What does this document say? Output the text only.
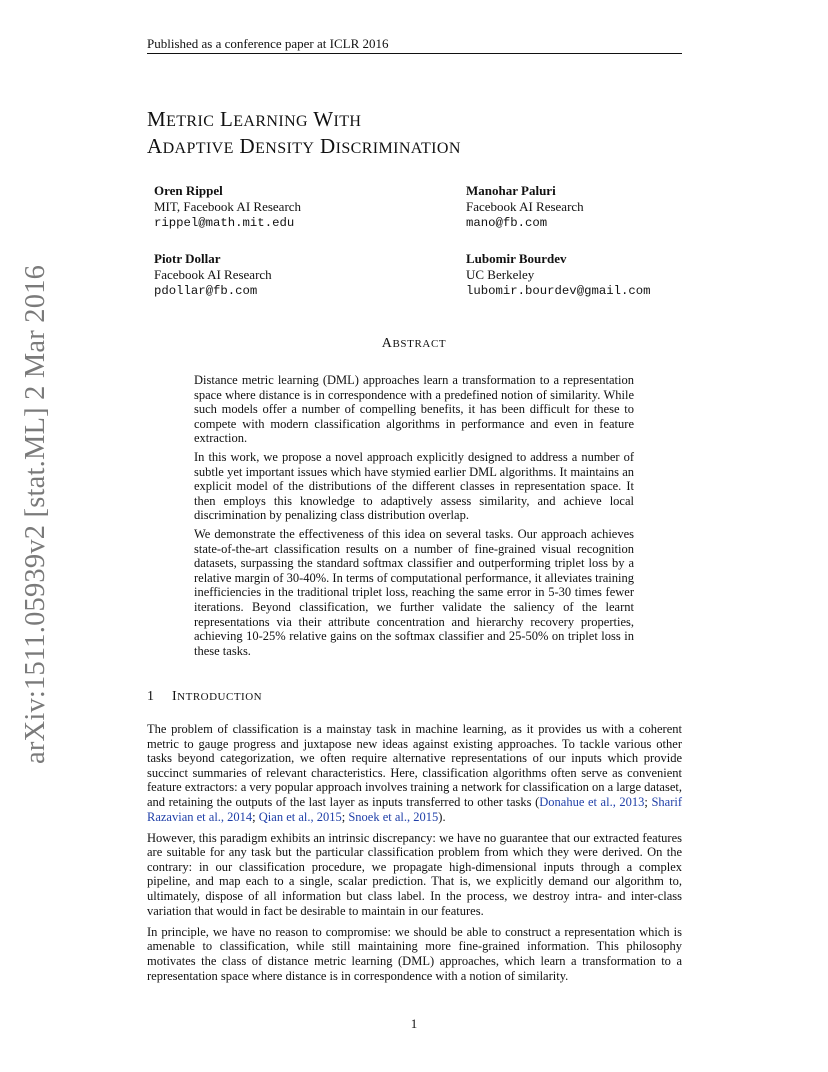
Published as a conference paper at ICLR 2016
arXiv:1511.05939v2 [stat.ML] 2 Mar 2016
METRIC LEARNING WITH
ADAPTIVE DENSITY DISCRIMINATION
Oren Rippel
MIT, Facebook AI Research
rippel@math.mit.edu
Manohar Paluri
Facebook AI Research
mano@fb.com
Piotr Dollar
Facebook AI Research
pdollar@fb.com
Lubomir Bourdev
UC Berkeley
lubomir.bourdev@gmail.com
ABSTRACT

Distance metric learning (DML) approaches learn a transformation to a representation space where distance is in correspondence with a predefined notion of similarity. While such models offer a number of compelling benefits, it has been difficult for these to compete with modern classification algorithms in performance and even in feature extraction.

In this work, we propose a novel approach explicitly designed to address a number of subtle yet important issues which have stymied earlier DML algorithms. It maintains an explicit model of the distributions of the different classes in representation space. It then employs this knowledge to adaptively assess similarity, and achieve local discrimination by penalizing class distribution overlap.

We demonstrate the effectiveness of this idea on several tasks. Our approach achieves state-of-the-art classification results on a number of fine-grained visual recognition datasets, surpassing the standard softmax classifier and outperforming triplet loss by a relative margin of 30-40%. In terms of computational performance, it alleviates training inefficiencies in the traditional triplet loss, reaching the same error in 5-30 times fewer iterations. Beyond classification, we further validate the saliency of the learnt representations via their attribute concentration and hierarchy recovery properties, achieving 10-25% relative gains on the softmax classifier and 25-50% on triplet loss in these tasks.

1 INTRODUCTION

The problem of classification is a mainstay task in machine learning, as it provides us with a coherent metric to gauge progress and juxtapose new ideas against existing approaches. To tackle various other tasks beyond categorization, we often require alternative representations of our inputs which provide succinct summaries of relevant characteristics. Here, classification algorithms often serve as convenient feature extractors: a very popular approach involves training a network for classification on a large dataset, and retaining the outputs of the last layer as inputs transferred to other tasks (Donahue et al., 2013; Sharif Razavian et al., 2014; Qian et al., 2015; Snoek et al., 2015).

However, this paradigm exhibits an intrinsic discrepancy: we have no guarantee that our extracted features are suitable for any task but the particular classification problem from which they were derived. On the contrary: in our classification procedure, we propagate high-dimensional inputs through a complex pipeline, and map each to a single, scalar prediction. That is, we explicitly demand our algorithm to, ultimately, dispose of all information but class label. In the process, we destroy intra- and inter-class variation that would in fact be desirable to maintain in our features.

In principle, we have no reason to compromise: we should be able to construct a representation which is amenable to classification, while still maintaining more fine-grained information. This philosophy motivates the class of distance metric learning (DML) approaches, which learn a transformation to a representation space where distance is in correspondence with a notion of similarity.

1
